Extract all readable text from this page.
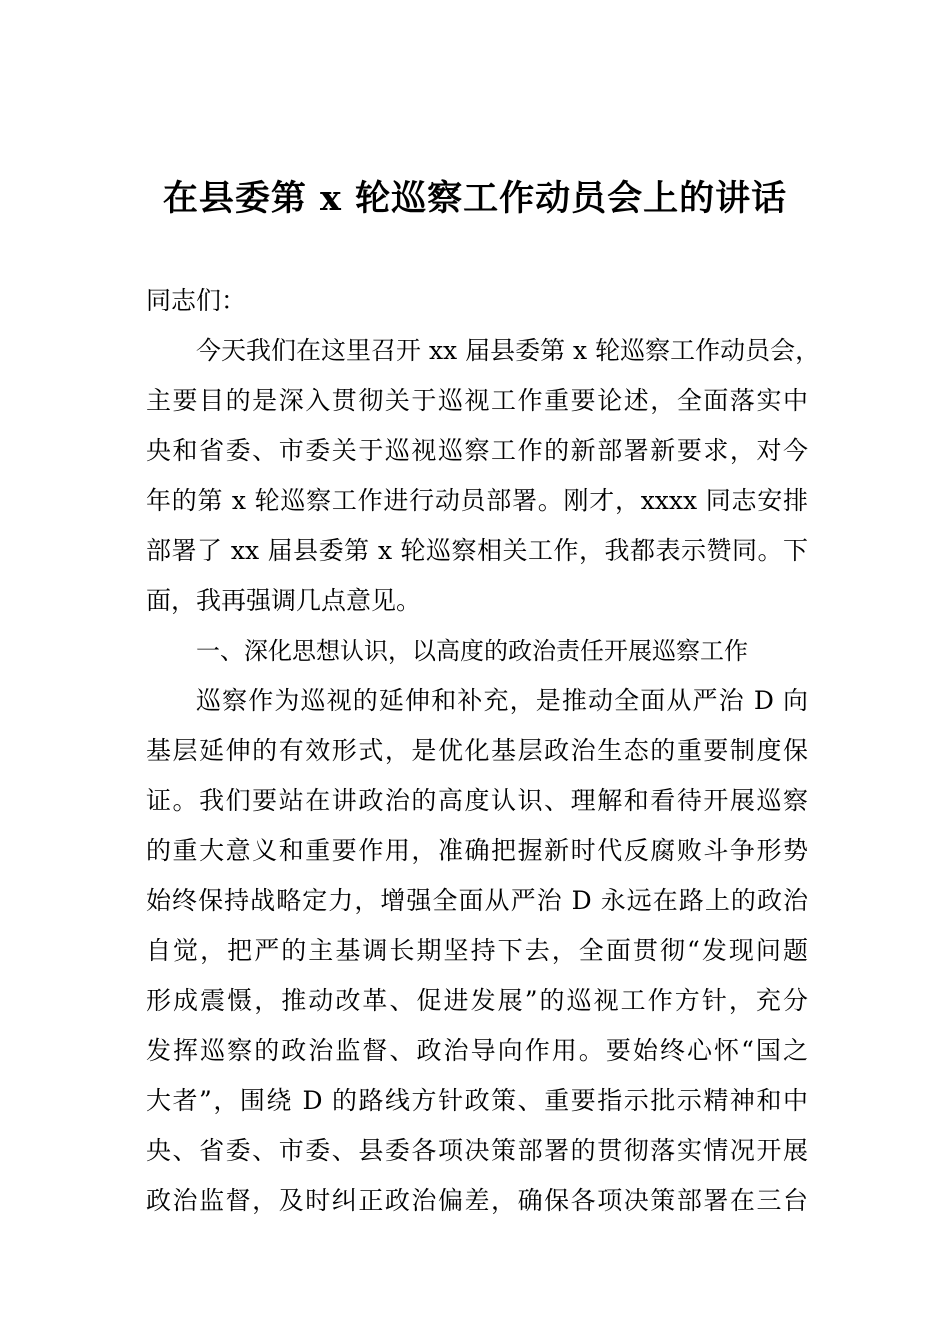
在县委第 x 轮巡察工作动员会上的讲话
同志们：
今天我们在这里召开 xx 届县委第 x 轮巡察工作动员会，
主要目的是深入贯彻关于巡视工作重要论述，全面落实中
央和省委、市委关于巡视巡察工作的新部署新要求，对今
年的第 x 轮巡察工作进行动员部署。刚才，xxxx 同志安排
部署了 xx 届县委第 x 轮巡察相关工作，我都表示赞同。下
面，我再强调几点意见。
一、深化思想认识，以高度的政治责任开展巡察工作
巡察作为巡视的延伸和补充，是推动全面从严治 D 向
基层延伸的有效形式，是优化基层政治生态的重要制度保
证。我们要站在讲政治的高度认识、理解和看待开展巡察
的重大意义和重要作用，准确把握新时代反腐败斗争形势
始终保持战略定力，增强全面从严治 D 永远在路上的政治
自觉，把严的主基调长期坚持下去，全面贯彻“发现问题
形成震慑，推动改革、促进发展”的巡视工作方针，充分
发挥巡察的政治监督、政治导向作用。要始终心怀“国之
大者”，围绕 D 的路线方针政策、重要指示批示精神和中
央、省委、市委、县委各项决策部署的贯彻落实情况开展
政治监督，及时纠正政治偏差，确保各项决策部署在三台
